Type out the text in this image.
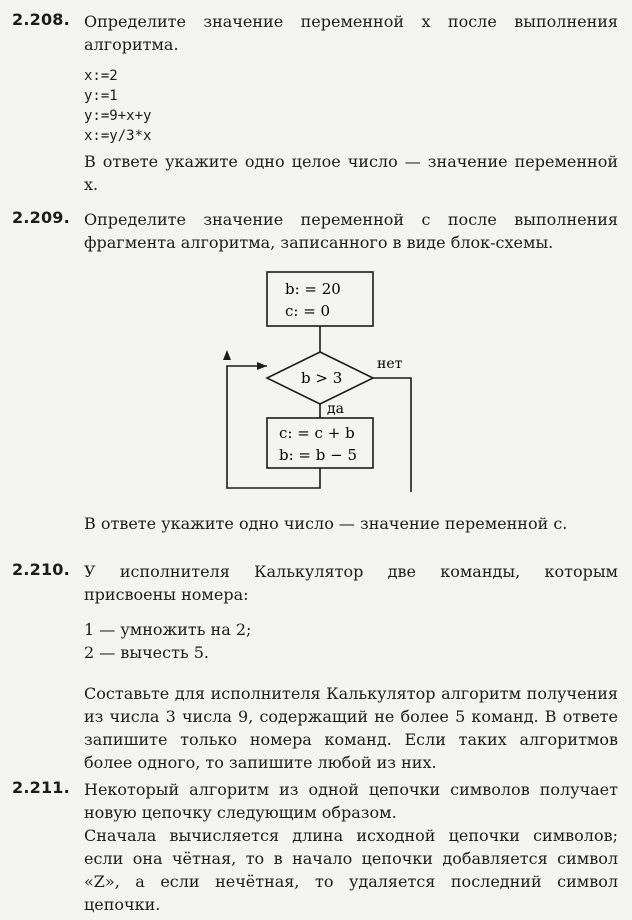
2.208. Определите значение переменной x после выполнения алгоритма.
x:=2
y:=1
y:=9+x+y
x:=y/3*x
В ответе укажите одно целое число — значение переменной x.
2.209. Определите значение переменной c после выполнения фрагмента алгоритма, записанного в виде блок-схемы.
b: = 20
c: = 0
b > 3
нет
да
c: = c + b
b: = b − 5
В ответе укажите одно число — значение переменной c.
2.210. У исполнителя Калькулятор две команды, которым присвоены номера:

1 — умножить на 2;

2 — вычесть 5.

Составьте для исполнителя Калькулятор алгоритм получения из числа 3 числа 9, содержащий не более 5 команд. В ответе запишите только номера команд. Если таких алгоритмов более одного, то запишите любой из них.
2.211. Некоторый алгоритм из одной цепочки символов получает новую цепочку следующим образом.
Сначала вычисляется длина исходной цепочки символов; если она чётная, то в начало цепочки добавляется символ «Z», а если нечётная, то удаляется последний символ цепочки.
